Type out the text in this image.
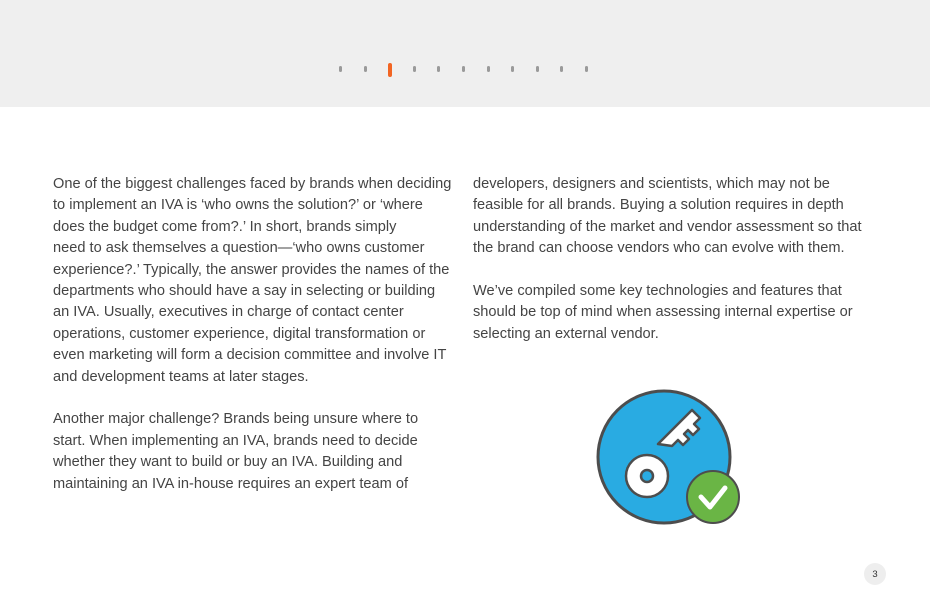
One of the biggest challenges faced by brands when deciding
to implement an IVA is ‘who owns the solution?’ or ‘where
does the budget come from?.’ In short, brands simply
need to ask themselves a question—‘who owns customer
experience?.’ Typically, the answer provides the names of the
departments who should have a say in selecting or building
an IVA. Usually, executives in charge of contact center
operations, customer experience, digital transformation or
even marketing will form a decision committee and involve IT
and development teams at later stages.

Another major challenge? Brands being unsure where to
start. When implementing an IVA, brands need to decide
whether they want to build or buy an IVA. Building and
maintaining an IVA in-house requires an expert team of

developers, designers and scientists, which may not be
feasible for all brands. Buying a solution requires in depth
understanding of the market and vendor assessment so that
the brand can choose vendors who can evolve with them.

We’ve compiled some key technologies and features that
should be top of mind when assessing internal expertise or
selecting an external vendor.

3
